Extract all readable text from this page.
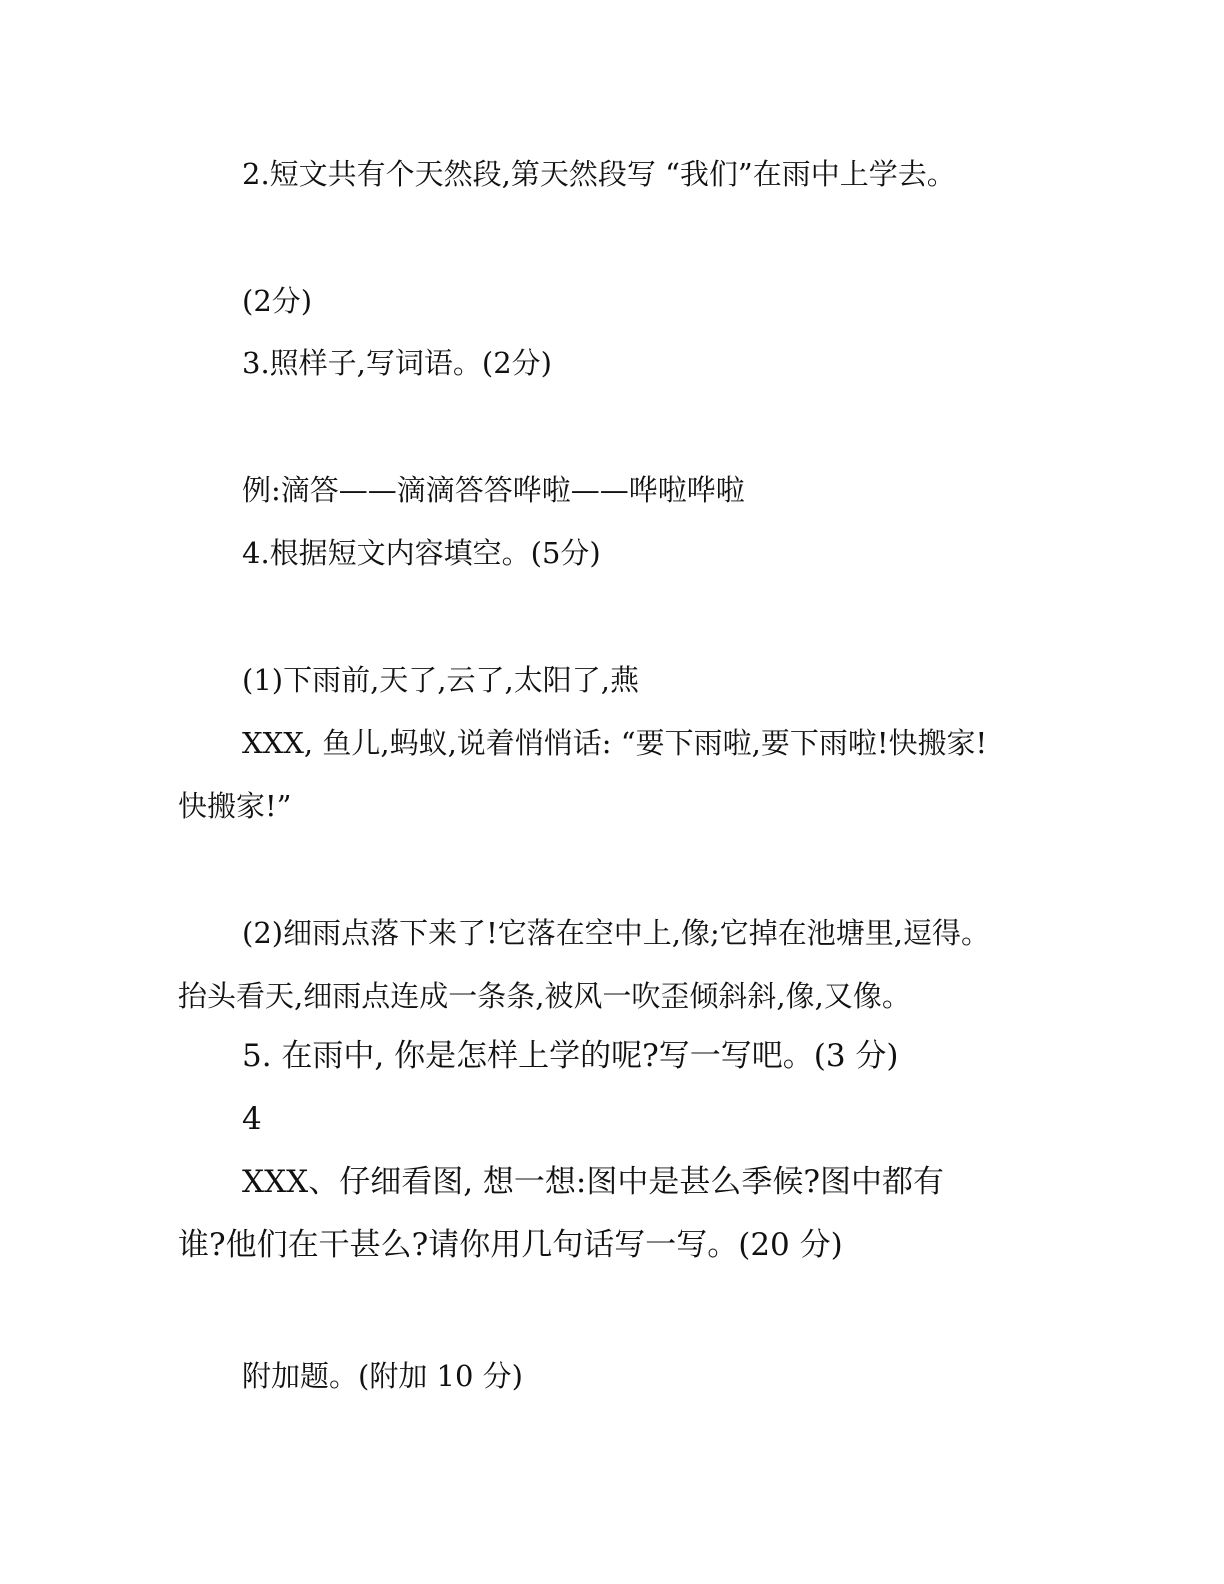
2.短文共有个天然段,第天然段写 “我们”在雨中上学去。

(2分)

3.照样子,写词语。(2分)

例:滴答——滴滴答答哗啦——哗啦哗啦

4.根据短文内容填空。(5分)

(1)下雨前,天了,云了,太阳了,燕

XXX, 鱼儿,蚂蚁,说着悄悄话: “要下雨啦,要下雨啦!快搬家!

快搬家!”

(2)细雨点落下来了!它落在空中上,像;它掉在池塘里,逗得。

抬头看天,细雨点连成一条条,被风一吹歪倾斜斜,像,又像。

5. 在雨中, 你是怎样上学的呢?写一写吧。(3 分)

4

XXX、仔细看图, 想一想:图中是甚么季候?图中都有

谁?他们在干甚么?请你用几句话写一写。(20 分)

附加题。(附加 10 分)
